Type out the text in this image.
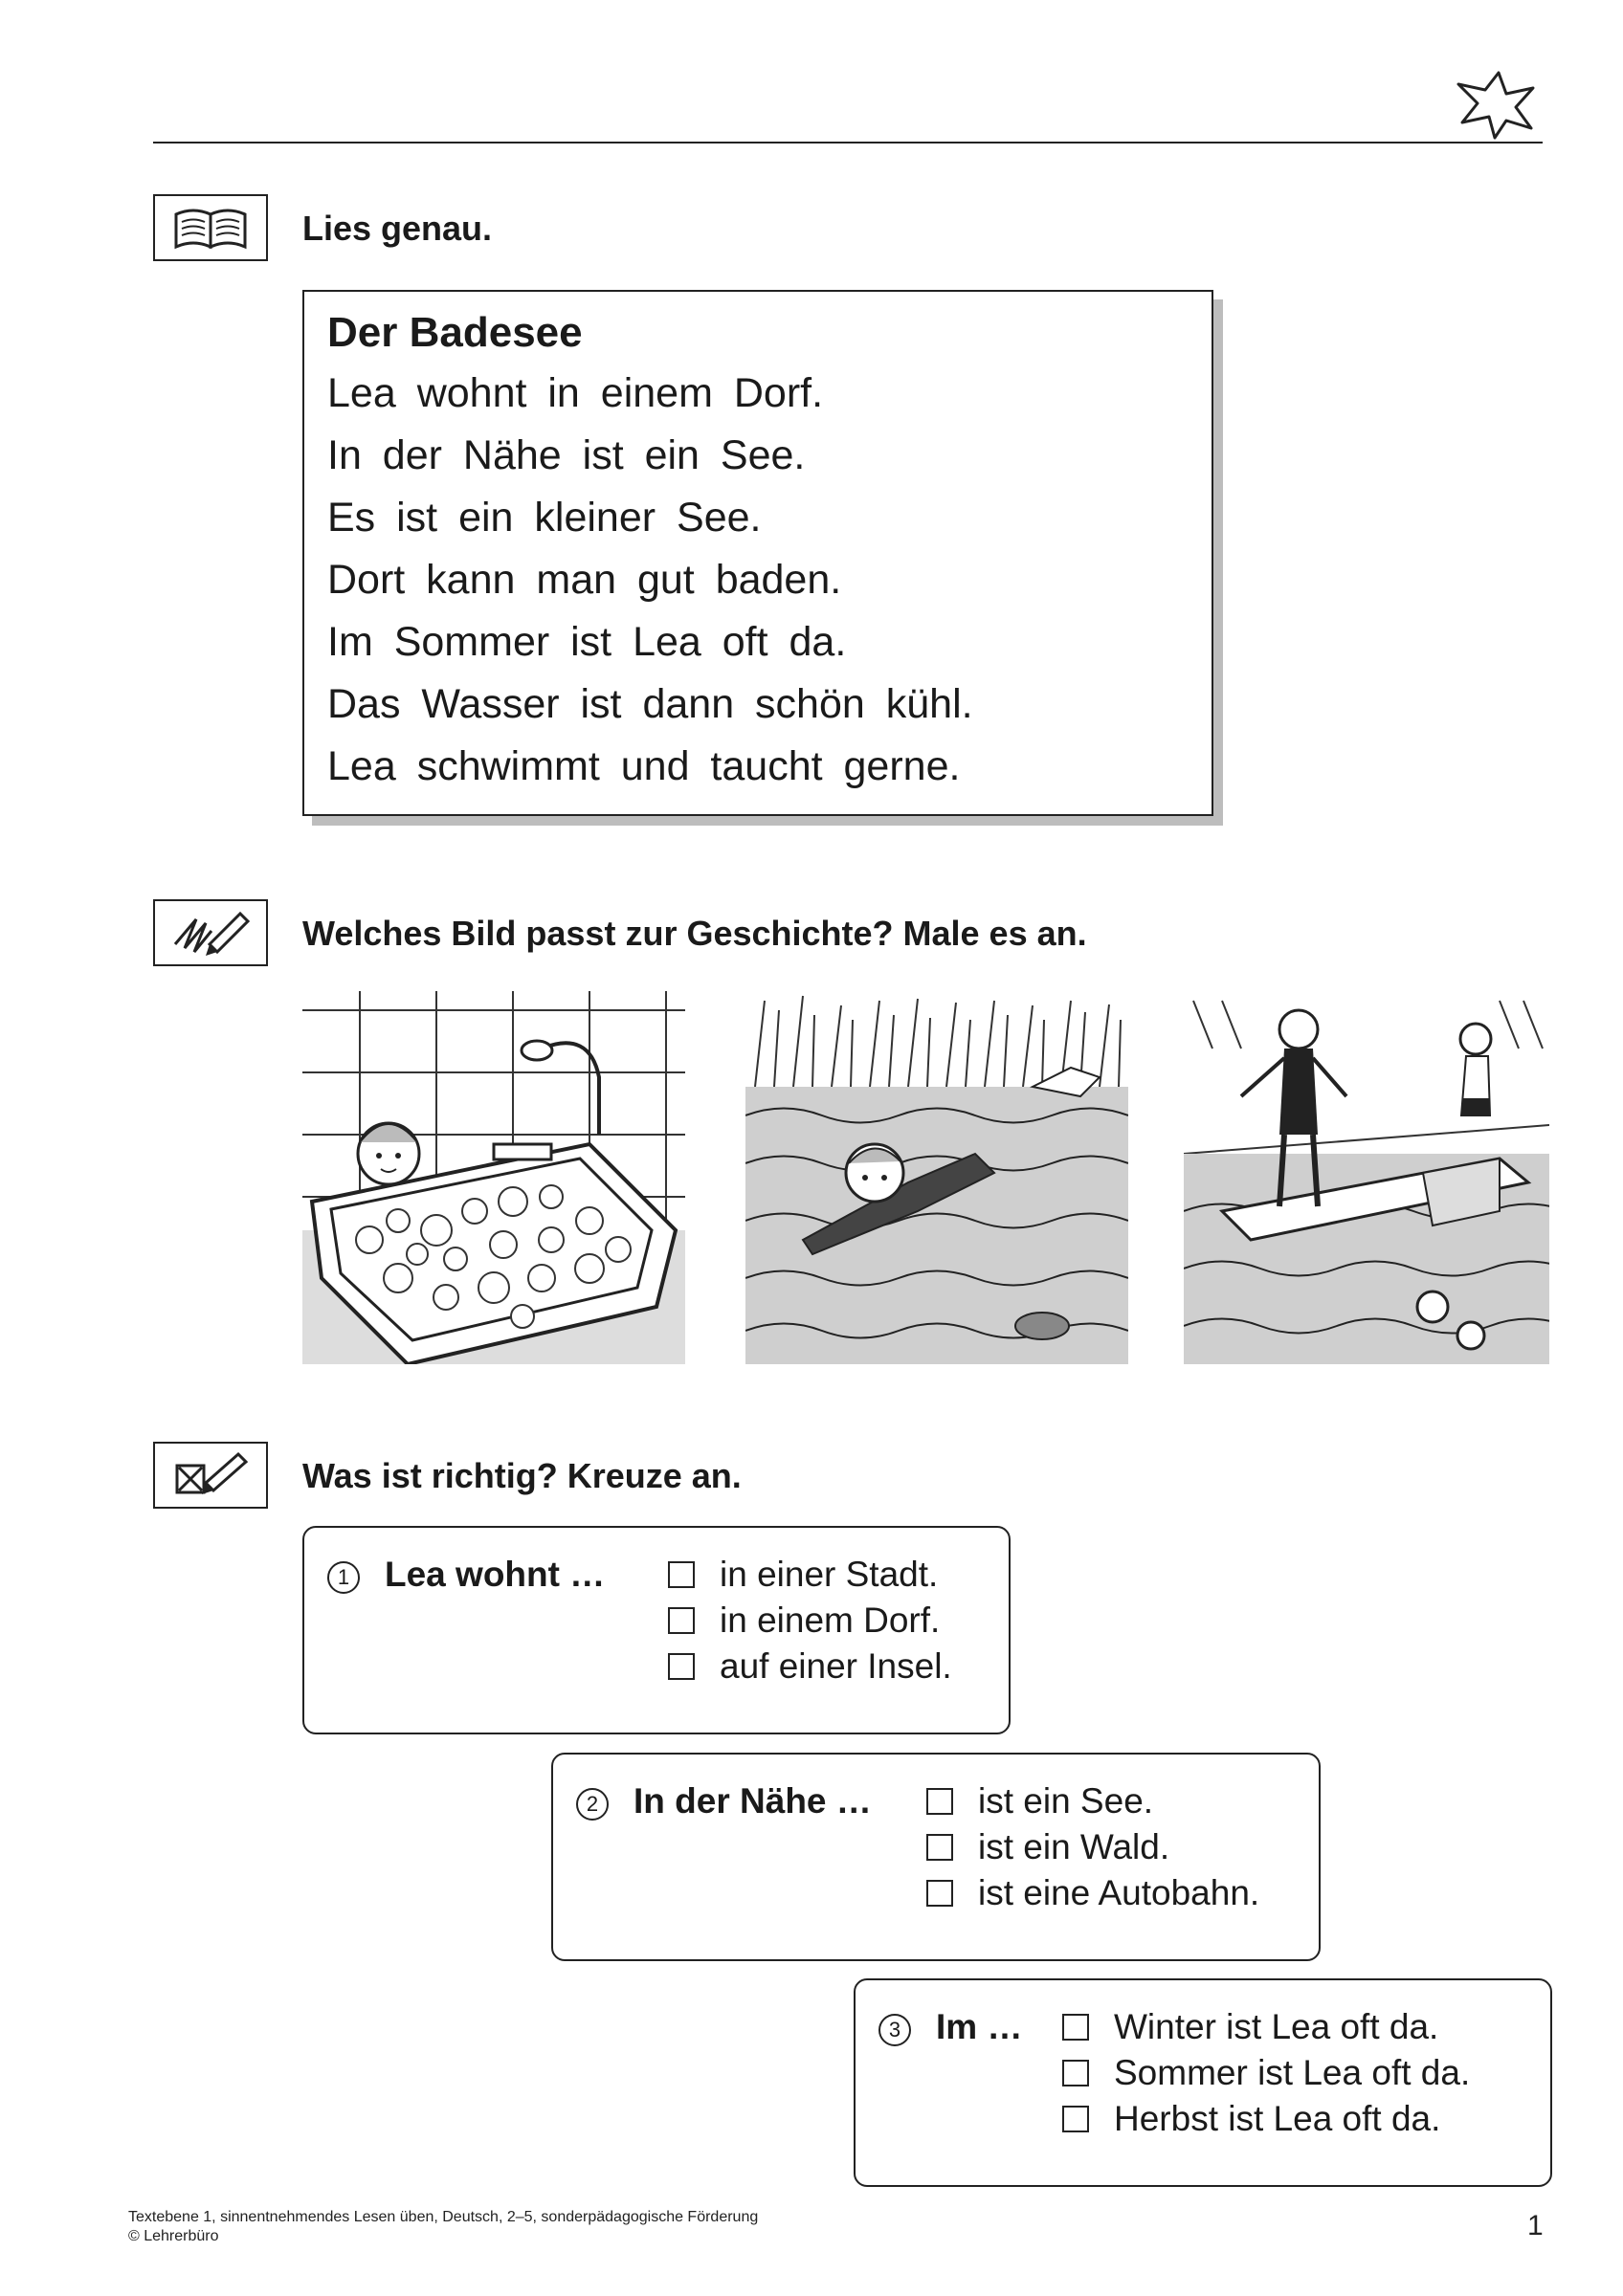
Lies genau.
Der Badesee
Lea wohnt in einem Dorf.
In der Nähe ist ein See.
Es ist ein kleiner See.
Dort kann man gut baden.
Im Sommer ist Lea oft da.
Das Wasser ist dann schön kühl.
Lea schwimmt und taucht gerne.
Welches Bild passt zur Geschichte? Male es an.
Was ist richtig? Kreuze an.
1 Lea wohnt …	in einer Stadt.
in einem Dorf.
auf einer Insel.
2 In der Nähe …	ist ein See.
ist ein Wald.
ist eine Autobahn.
3 Im …	Winter ist Lea oft da.
Sommer ist Lea oft da.
Herbst ist Lea oft da.
Textebene 1, sinnentnehmendes Lesen üben, Deutsch, 2–5, sonderpädagogische Förderung
© Lehrerbüro	1
